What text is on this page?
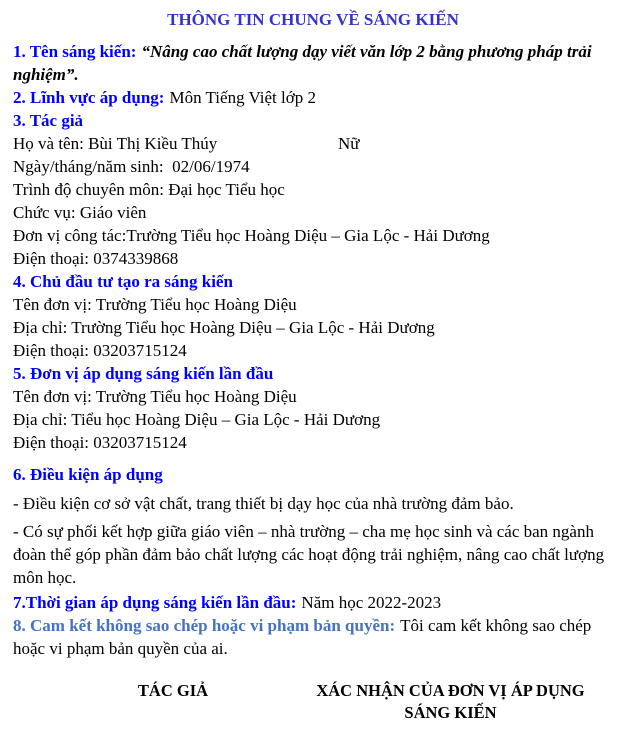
THÔNG TIN CHUNG VỀ SÁNG KIẾN

1. Tên sáng kiến: “Nâng cao chất lượng dạy viết văn lớp 2 bằng phương pháp trải nghiệm”.

2. Lĩnh vực áp dụng: Môn Tiếng Việt lớp 2

3. Tác giả

Họ và tên: Bùi Thị Kiều Thúy	Nữ

Ngày/tháng/năm sinh:  02/06/1974

Trình độ chuyên môn: Đại học Tiểu học

Chức vụ: Giáo viên

Đơn vị công tác:Trường Tiểu học Hoàng Diệu – Gia Lộc - Hải Dương

Điện thoại: 0374339868

4. Chủ đầu tư tạo ra sáng kiến

Tên đơn vị: Trường Tiểu học Hoàng Diệu

Địa chỉ: Trường Tiểu học Hoàng Diệu – Gia Lộc - Hải Dương

Điện thoại: 03203715124

5. Đơn vị áp dụng sáng kiến lần đầu

Tên đơn vị: Trường Tiểu học Hoàng Diệu

Địa chỉ: Tiểu học Hoàng Diệu – Gia Lộc - Hải Dương

Điện thoại: 03203715124

6. Điều kiện áp dụng

- Điều kiện cơ sở vật chất, trang thiết bị dạy học của nhà trường đảm bảo.

- Có sự phối kết hợp giữa giáo viên – nhà trường – cha mẹ học sinh và các ban ngành đoàn thể góp phần đảm bảo chất lượng các hoạt động trải nghiệm, nâng cao chất lượng môn học.

7.Thời gian áp dụng sáng kiến lần đầu: Năm học 2022-2023

8. Cam kết không sao chép hoặc vi phạm bản quyền: Tôi cam kết không sao chép hoặc vi phạm bản quyền của ai.

TÁC GIẢ	XÁC NHẬN CỦA ĐƠN VỊ ÁP DỤNG
SÁNG KIẾN
